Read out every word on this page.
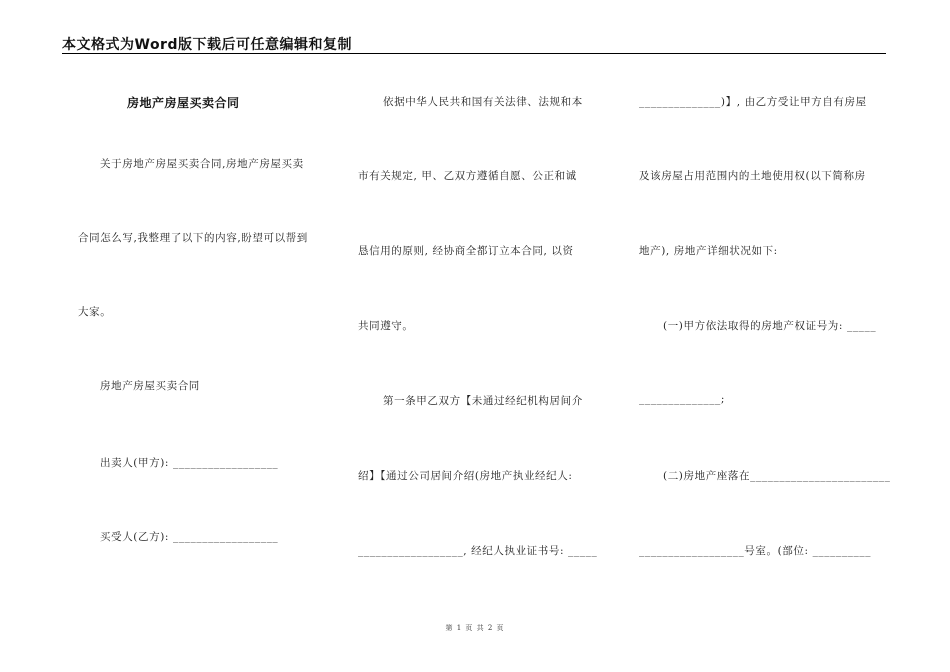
本文格式为Word版下载后可任意编辑和复制
房地产房屋买卖合同
关于房地产房屋买卖合同,房地产房屋买卖
合同怎么写,我整理了以下的内容,盼望可以帮到
大家。
房地产房屋买卖合同
出卖人(甲方): __________________
买受人(乙方): __________________
依据中华人民共和国有关法律、法规和本
市有关规定, 甲、乙双方遵循自愿、公正和诚
恳信用的原则, 经协商全都订立本合同, 以资
共同遵守。
第一条甲乙双方【未通过经纪机构居间介
绍】【通过公司居间介绍(房地产执业经纪人:
__________________, 经纪人执业证书号: _____
______________)】, 由乙方受让甲方自有房屋
及该房屋占用范围内的土地使用权(以下简称房
地产), 房地产详细状况如下:
(一)甲方依法取得的房地产权证号为: _____
______________;
(二)房地产座落在________________________
__________________号室。(部位: __________
第 1 页 共 2 页
